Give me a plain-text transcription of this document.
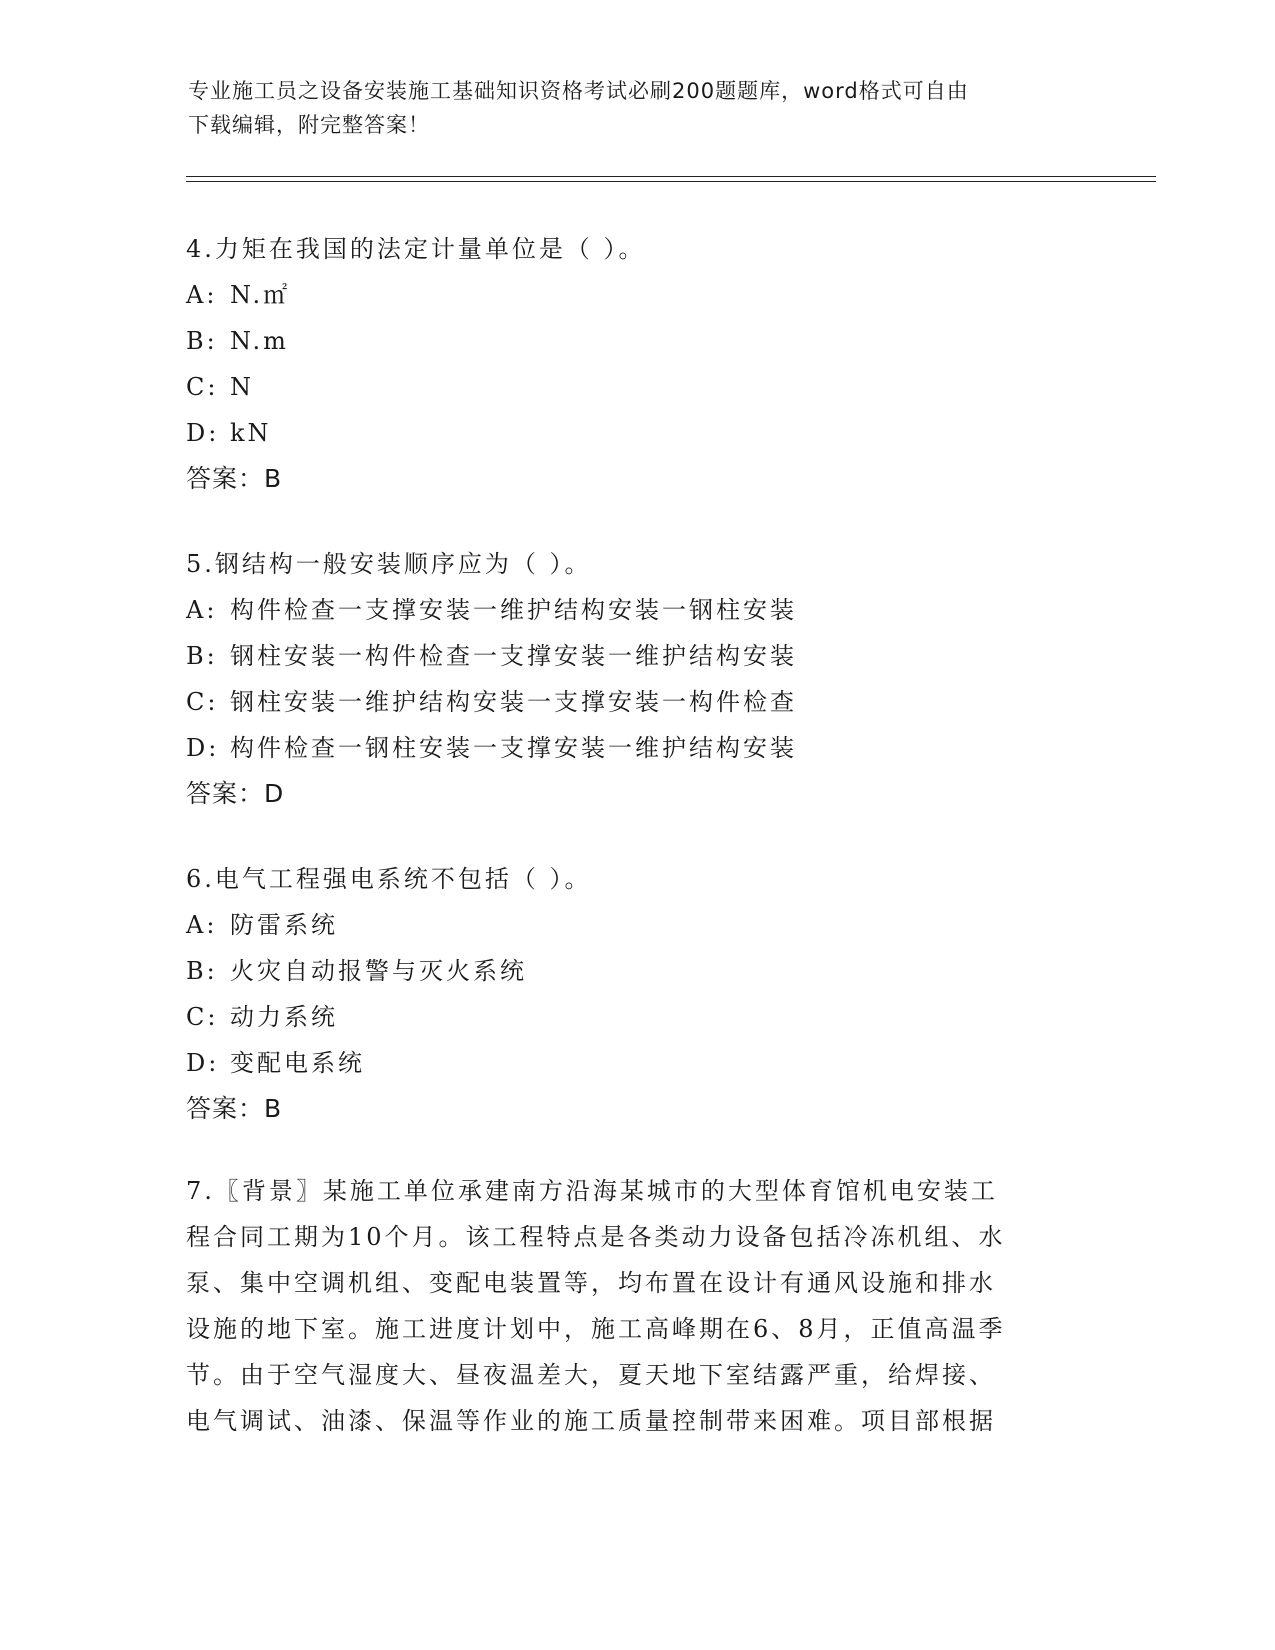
专业施工员之设备安装施工基础知识资格考试必刷200题题库，word格式可自由
下载编辑，附完整答案！
4.力矩在我国的法定计量单位是（ ）。
A: N.㎡
B: N.m
C: N
D: kN
答案：B
5.钢结构一般安装顺序应为（ ）。
A: 构件检查一支撑安装一维护结构安装一钢柱安装
B: 钢柱安装一构件检查一支撑安装一维护结构安装
C: 钢柱安装一维护结构安装一支撑安装一构件检查
D: 构件检查一钢柱安装一支撑安装一维护结构安装
答案：D
6.电气工程强电系统不包括（ ）。
A: 防雷系统
B: 火灾自动报警与灭火系统
C: 动力系统
D: 变配电系统
答案：B
7.〖背景〗某施工单位承建南方沿海某城市的大型体育馆机电安装工
程合同工期为10个月。该工程特点是各类动力设备包括冷冻机组、水
泵、集中空调机组、变配电装置等，均布置在设计有通风设施和排水
设施的地下室。施工进度计划中，施工高峰期在6、8月，正值高温季
节。由于空气湿度大、昼夜温差大，夏天地下室结露严重，给焊接、
电气调试、油漆、保温等作业的施工质量控制带来困难。项目部根据
